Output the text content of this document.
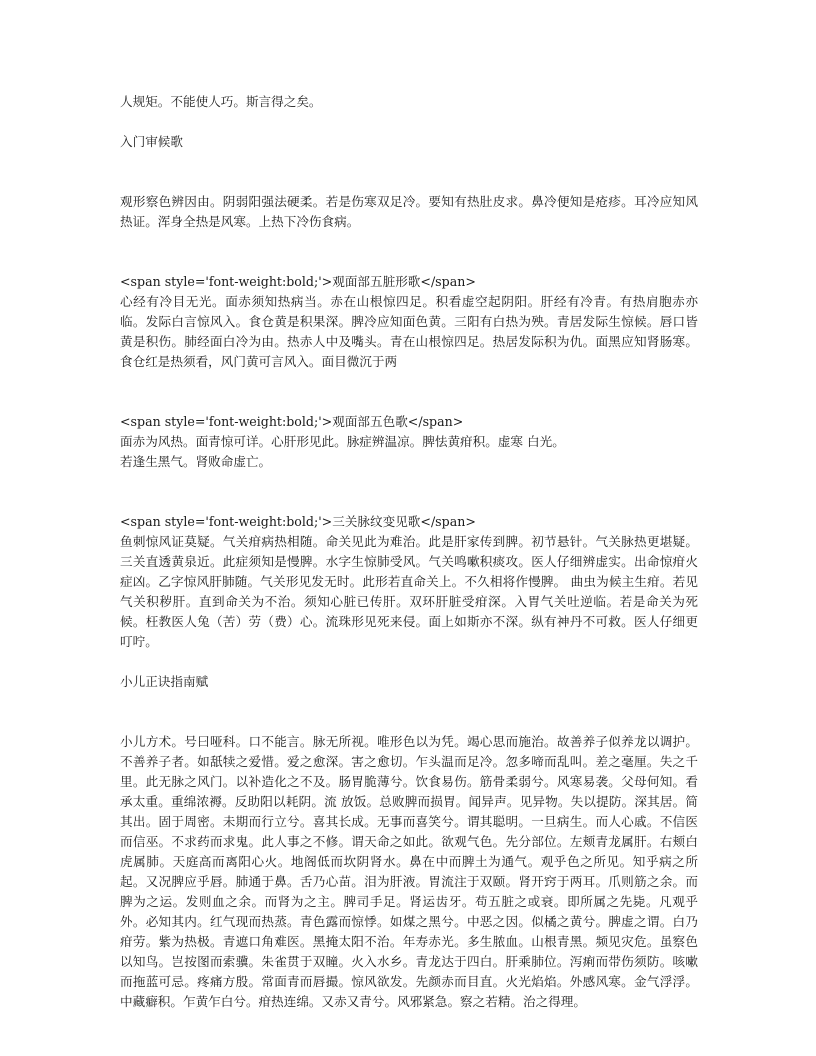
人规矩。不能使人巧。斯言得之矣。

入门审候歌

观形察色辨因由。阴弱阳强法硬柔。若是伤寒双足冷。要知有热肚皮求。鼻冷便知是疮疹。耳冷应知风热证。浑身全热是风寒。上热下冷伤食病。

<span style='font-weight:bold;'>观面部五脏形歌</span>

心经有冷目无光。面赤须知热病当。赤在山根惊四足。积看虚空起阴阳。肝经有冷青。有热肩胞赤亦临。发际白言惊风入。食仓黄是积果深。脾冷应知面色黄。三阳有白热为殃。青居发际生惊候。唇口皆黄是积伤。肺经面白冷为由。热赤人中及嘴头。青在山根惊四足。热居发际积为仇。面黑应知肾肠寒。食仓红是热须看，风门黄可言风入。面目微沉于两

<span style='font-weight:bold;'>观面部五色歌</span>

面赤为风热。面青惊可详。心肝形见此。脉症辨温凉。脾怯黄疳积。虚寒 白光。

若逢生黑气。肾败命虚亡。

<span style='font-weight:bold;'>三关脉纹变见歌</span>

鱼刺惊风证莫疑。气关疳病热相随。命关见此为难治。此是肝家传到脾。初节悬针。气关脉热更堪疑。三关直透黄泉近。此症须知是慢脾。水字生惊肺受风。气关鸣嗽积痰攻。医人仔细辨虚实。出命惊疳火症凶。乙字惊风肝肺随。气关形见发无时。此形若直命关上。不久相将作慢脾。 曲虫为候主生疳。若见气关积秽肝。直到命关为不治。须知心脏已传肝。双环肝脏受疳深。入胃气关吐逆临。若是命关为死候。枉教医人兔（苦）劳（费）心。流珠形见死来侵。面上如斯亦不深。纵有神丹不可救。医人仔细更叮咛。

小儿正诀指南赋

小儿方术。号曰哑科。口不能言。脉无所视。唯形色以为凭。竭心思而施治。故善养子似养龙以调护。不善养子者。如舐犊之爱惜。爱之愈深。害之愈切。乍头温而足冷。忽多啼而乱叫。差之毫厘。失之千里。此无脉之风门。以补造化之不及。肠胃脆薄兮。饮食易伤。筋骨柔弱兮。风寒易袭。父母何知。看承太重。重绵浓褥。反助阳以耗阴。流 放饭。总败脾而损胃。闻异声。见异物。失以提防。深其居。简其出。固于周密。未期而行立兮。喜其长成。无事而喜笑兮。谓其聪明。一旦病生。而人心戚。不信医而信巫。不求药而求鬼。此人事之不修。谓天命之如此。欲观气色。先分部位。左颊青龙属肝。右颊白虎属肺。天庭高而离阳心火。地阁低而坎阴肾水。鼻在中而脾土为通气。观乎色之所见。知乎病之所起。又况脾应乎唇。肺通于鼻。舌乃心苗。泪为肝液。胃流注于双颐。肾开窍于两耳。爪则筋之余。而脾为之运。发则血之余。而肾为之主。脾司手足。肾运齿牙。苟五脏之或衰。即所属之先毙。凡观乎外。必知其内。红气现而热蒸。青色露而惊悸。如煤之黑兮。中恶之因。似橘之黄兮。脾虚之谓。白乃疳劳。紫为热极。青遮口角难医。黑掩太阳不治。年寿赤光。多生脓血。山根青黑。频见灾危。虽察色以知鸟。岂按图而索骥。朱雀贯于双瞳。火入水乡。青龙达于四白。肝乘肺位。泻痢而带伤须防。咳嗽而拖蓝可忌。疼痛方殷。常面青而唇撮。惊风欲发。先颜赤而目直。火光焰焰。外感风寒。金气浮浮。中藏癖积。乍黄乍白兮。疳热连绵。又赤又青兮。风邪紧急。察之若精。治之得理。
